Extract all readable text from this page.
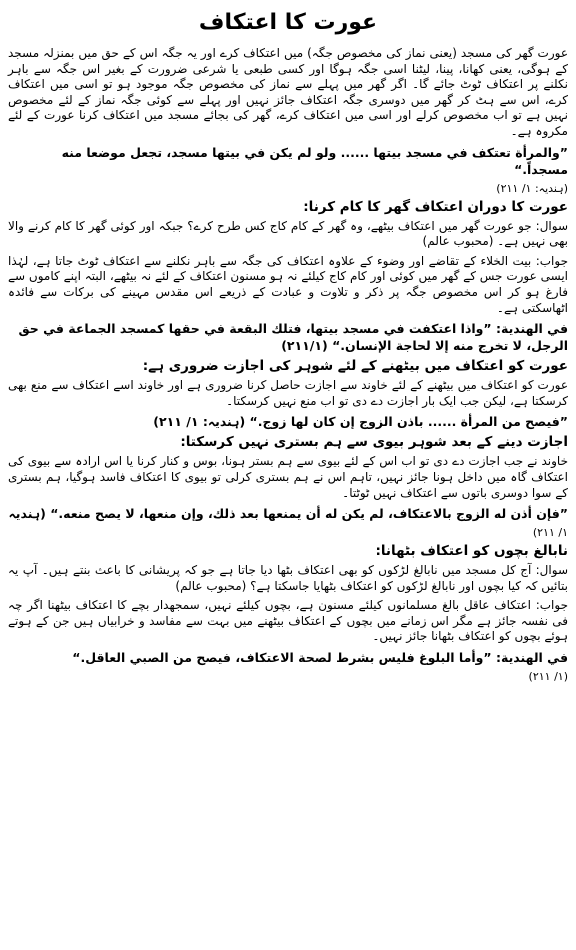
عورت کا اعتکاف
عورت گھر کی مسجد (یعنی نماز کی مخصوص جگہ) میں اعتکاف کرے اور یہ جگہ اس کے حق میں بمنزلہ مسجد کے ہوگی، یعنی کھانا، پینا، لیٹنا اسی جگہ ہوگا اور کسی طبعی یا شرعی ضرورت کے بغیر اس جگہ سے باہر نکلنے پر اعتکاف ٹوٹ جائے گا۔ اگر گھر میں پہلے سے نماز کی مخصوص جگہ موجود ہو تو اسی میں اعتکاف کرے، اس سے ہٹ کر گھر میں دوسری جگہ اعتکاف جائز نہیں اور پہلے سے کوئی جگہ نماز کے لئے مخصوص نہیں ہے تو اب مخصوص کرلے اور اسی میں اعتکاف کرے، گھر کی بجائے مسجد میں اعتکاف کرنا عورت کے لئے مکروہ ہے۔
”والمرأة تعتكف في مسجد بيتها ...... ولو لم يكن في بيتها مسجد، تجعل موضعا منه مسجداً.“
(ہندیہ: ۱/ ۲۱۱)
عورت کا دوران اعتکاف گھر کا کام کرنا:
سوال: جو عورت گھر میں اعتکاف بیٹھے، وہ گھر کے کام کاج کس طرح کرے؟ جبکہ اور کوئی گھر کا کام کرنے والا بھی نہیں ہے۔ (محبوب عالم)
جواب: بیت الخلاء کے تقاضے اور وضوء کے علاوہ اعتکاف کی جگہ سے باہر نکلنے سے اعتکاف ٹوٹ جاتا ہے، لہٰذا ایسی عورت جس کے گھر میں کوئی اور کام کاج کیلئے نہ ہو مسنون اعتکاف کے لئے نہ بیٹھے، البتہ اپنے کاموں سے فارغ ہو کر اس مخصوص جگہ پر ذکر و تلاوت و عبادت کے ذریعے اس مقدس مہینے کی برکات سے فائدہ اٹھاسکتی ہے۔
في الهندية: ”واذا اعتكفت في مسجد بيتها، فتلك البقعة في حقها كمسجد الجماعة في حق الرجل، لا تخرج منه إلا لحاجة الإنسان.“ (۲۱۱/۱)
عورت کو اعتکاف میں بیٹھنے کے لئے شوہر کی اجازت ضروری ہے:
عورت کو اعتکاف میں بیٹھنے کے لئے خاوند سے اجازت حاصل کرنا ضروری ہے اور خاوند اسے اعتکاف سے منع بھی کرسکتا ہے، لیکن جب ایک بار اجازت دے دی تو اب منع نہیں کرسکتا۔
”فيصح من المرأة ...... باذن الزوج إن كان لها زوج.“ (ہندیہ: ۱/ ۲۱۱)
اجازت دینے کے بعد شوہر بیوی سے ہم بستری نہیں کرسکتا:
خاوند نے جب اجازت دے دی تو اب اس کے لئے بیوی سے ہم بستر ہونا، بوس و کنار کرنا یا اس ارادہ سے بیوی کی اعتکاف گاہ میں داخل ہونا جائز نہیں، تاہم اس نے ہم بستری کرلی تو بیوی کا اعتکاف فاسد ہوگیا، ہم بستری کے سوا دوسری باتوں سے اعتکاف نہیں ٹوٹتا۔
”فإن أذن له الزوج بالاعتكاف، لم يكن له أن يمنعها بعد ذلك، وإن منعها، لا يصح منعه.“ (ہندیہ
۱/ ۲۱۱)
نابالغ بچوں کو اعتکاف بٹھانا:
سوال: آج کل مسجد میں نابالغ لڑکوں کو بھی اعتکاف بٹھا دیا جاتا ہے جو کہ پریشانی کا باعث بنتے ہیں۔ آپ یہ بتائیں کہ کیا بچوں اور نابالغ لڑکوں کو اعتکاف بٹھایا جاسکتا ہے؟ (محبوب عالم)
جواب: اعتکاف عاقل بالغ مسلمانوں کیلئے مسنون ہے، بچوں کیلئے نہیں، سمجھدار بچے کا اعتکاف بیٹھنا اگر چہ فی نفسہ جائز ہے مگر اس زمانے میں بچوں کے اعتکاف بیٹھنے میں بہت سے مفاسد و خرابیاں ہیں جن کے ہوتے ہوئے بچوں کو اعتکاف بٹھانا جائز نہیں۔
في الهندية: ”وأما البلوغ فليس بشرط لصحة الاعتكاف، فيصح من الصبي العاقل.“
(۱/ ۲۱۱)
